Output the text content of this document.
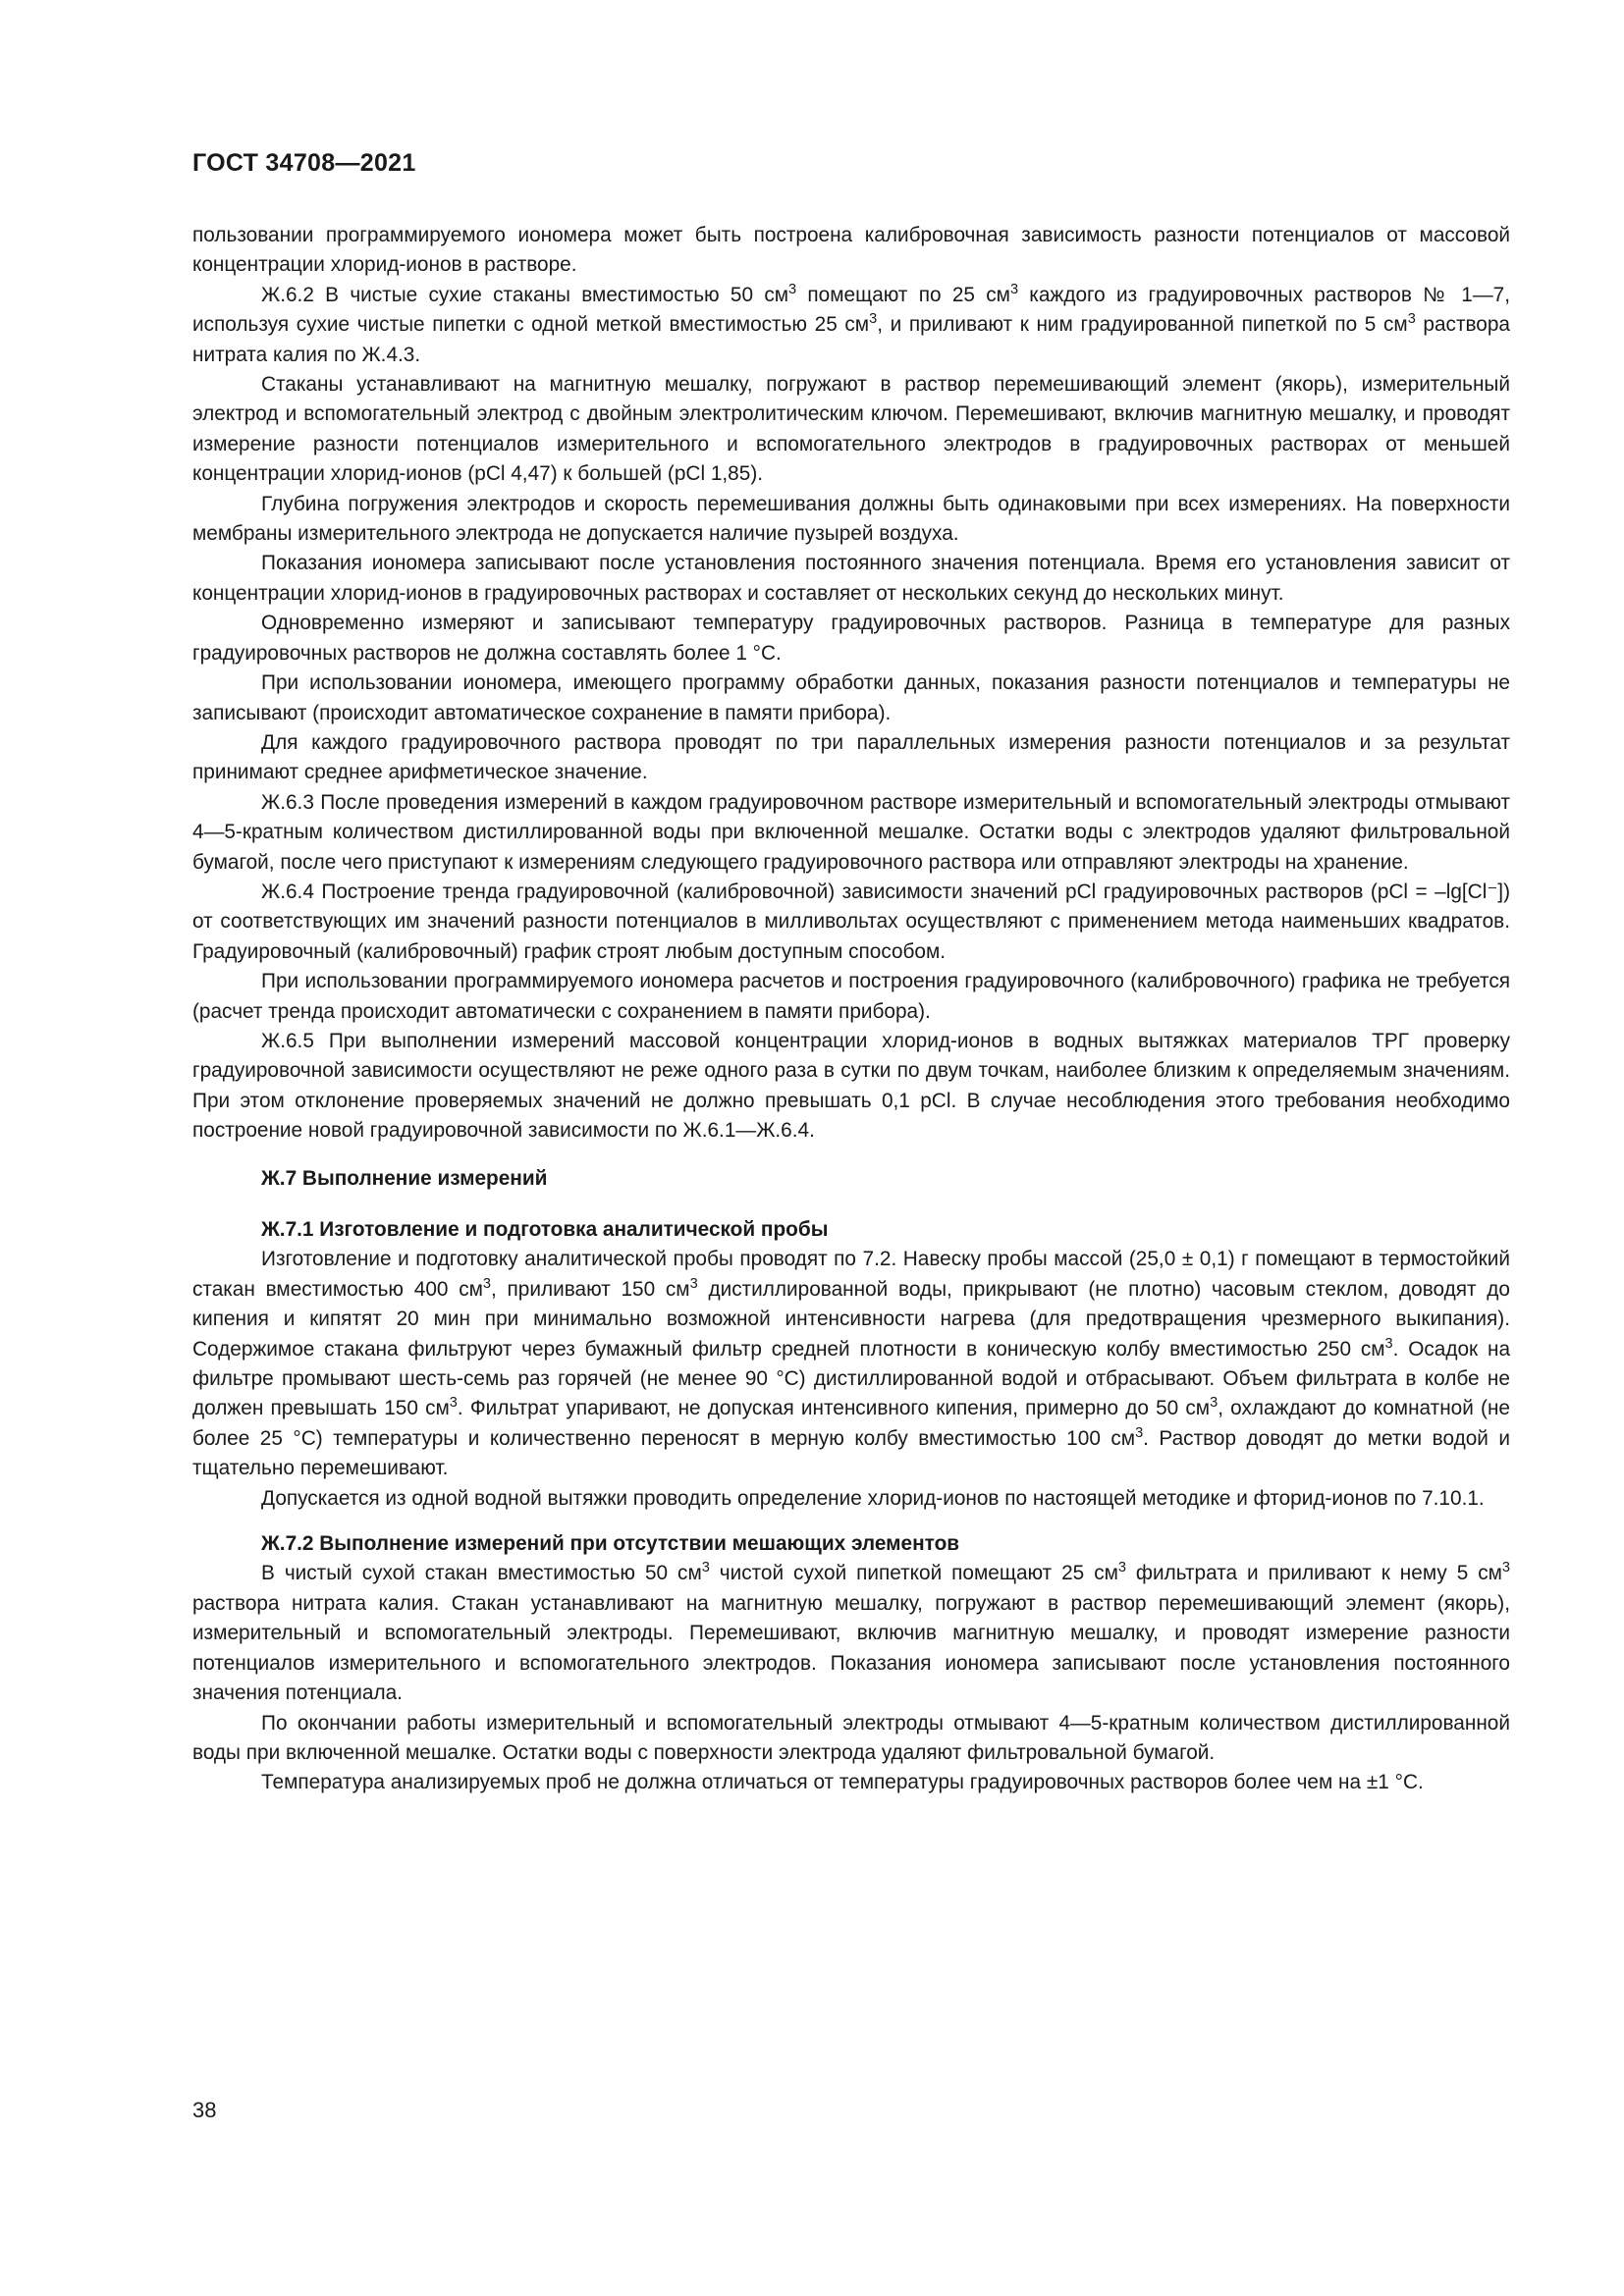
ГОСТ 34708—2021

пользовании программируемого иономера может быть построена калибровочная зависимость разности потенциалов от массовой концентрации хлорид-ионов в растворе.

Ж.6.2 В чистые сухие стаканы вместимостью 50 $см^3$ помещают по 25 $см^3$ каждого из градуировочных растворов № 1—7, используя сухие чистые пипетки с одной меткой вместимостью 25 $см^3$, и приливают к ним градуированной пипеткой по 5 $см^3$ раствора нитрата калия по Ж.4.3.

Стаканы устанавливают на магнитную мешалку, погружают в раствор перемешивающий элемент (якорь), измерительный электрод и вспомогательный электрод с двойным электролитическим ключом. Перемешивают, включив магнитную мешалку, и проводят измерение разности потенциалов измерительного и вспомогательного электродов в градуировочных растворах от меньшей концентрации хлорид-ионов (pCl 4,47) к большей (pCl 1,85).

Глубина погружения электродов и скорость перемешивания должны быть одинаковыми при всех измерениях. На поверхности мембраны измерительного электрода не допускается наличие пузырей воздуха.

Показания иономера записывают после установления постоянного значения потенциала. Время его установления зависит от концентрации хлорид-ионов в градуировочных растворах и составляет от нескольких секунд до нескольких минут.

Одновременно измеряют и записывают температуру градуировочных растворов. Разница в температуре для разных градуировочных растворов не должна составлять более 1 °С.

При использовании иономера, имеющего программу обработки данных, показания разности потенциалов и температуры не записывают (происходит автоматическое сохранение в памяти прибора).

Для каждого градуировочного раствора проводят по три параллельных измерения разности потенциалов и за результат принимают среднее арифметическое значение.

Ж.6.3 После проведения измерений в каждом градуировочном растворе измерительный и вспомогательный электроды отмывают 4—5-кратным количеством дистиллированной воды при включенной мешалке. Остатки воды с электродов удаляют фильтровальной бумагой, после чего приступают к измерениям следующего градуировочного раствора или отправляют электроды на хранение.

Ж.6.4 Построение тренда градуировочной (калибровочной) зависимости значений pCl градуировочных растворов (pCl = –lg[Cl⁻]) от соответствующих им значений разности потенциалов в милливольтах осуществляют с применением метода наименьших квадратов. Градуировочный (калибровочный) график строят любым доступным способом.

При использовании программируемого иономера расчетов и построения градуировочного (калибровочного) графика не требуется (расчет тренда происходит автоматически с сохранением в памяти прибора).

Ж.6.5 При выполнении измерений массовой концентрации хлорид-ионов в водных вытяжках материалов ТРГ проверку градуировочной зависимости осуществляют не реже одного раза в сутки по двум точкам, наиболее близким к определяемым значениям. При этом отклонение проверяемых значений не должно превышать 0,1 pCl. В случае несоблюдения этого требования необходимо построение новой градуировочной зависимости по Ж.6.1—Ж.6.4.

Ж.7 Выполнение измерений

Ж.7.1 Изготовление и подготовка аналитической пробы

Изготовление и подготовку аналитической пробы проводят по 7.2. Навеску пробы массой (25,0 ± 0,1) г помещают в термостойкий стакан вместимостью 400 $см^3$, приливают 150 $см^3$ дистиллированной воды, прикрывают (не плотно) часовым стеклом, доводят до кипения и кипятят 20 мин при минимально возможной интенсивности нагрева (для предотвращения чрезмерного выкипания). Содержимое стакана фильтруют через бумажный фильтр средней плотности в коническую колбу вместимостью 250 $см^3$. Осадок на фильтре промывают шесть-семь раз горячей (не менее 90 °С) дистиллированной водой и отбрасывают. Объем фильтрата в колбе не должен превышать 150 $см^3$. Фильтрат упаривают, не допуская интенсивного кипения, примерно до 50 $см^3$, охлаждают до комнатной (не более 25 °С) температуры и количественно переносят в мерную колбу вместимостью 100 $см^3$. Раствор доводят до метки водой и тщательно перемешивают.

Допускается из одной водной вытяжки проводить определение хлорид-ионов по настоящей методике и фторид-ионов по 7.10.1.

Ж.7.2 Выполнение измерений при отсутствии мешающих элементов

В чистый сухой стакан вместимостью 50 $см^3$ чистой сухой пипеткой помещают 25 $см^3$ фильтрата и приливают к нему 5 $см^3$ раствора нитрата калия. Стакан устанавливают на магнитную мешалку, погружают в раствор перемешивающий элемент (якорь), измерительный и вспомогательный электроды. Перемешивают, включив магнитную мешалку, и проводят измерение разности потенциалов измерительного и вспомогательного электродов. Показания иономера записывают после установления постоянного значения потенциала.

По окончании работы измерительный и вспомогательный электроды отмывают 4—5-кратным количеством дистиллированной воды при включенной мешалке. Остатки воды с поверхности электрода удаляют фильтровальной бумагой.

Температура анализируемых проб не должна отличаться от температуры градуировочных растворов более чем на ±1 °С.

38
